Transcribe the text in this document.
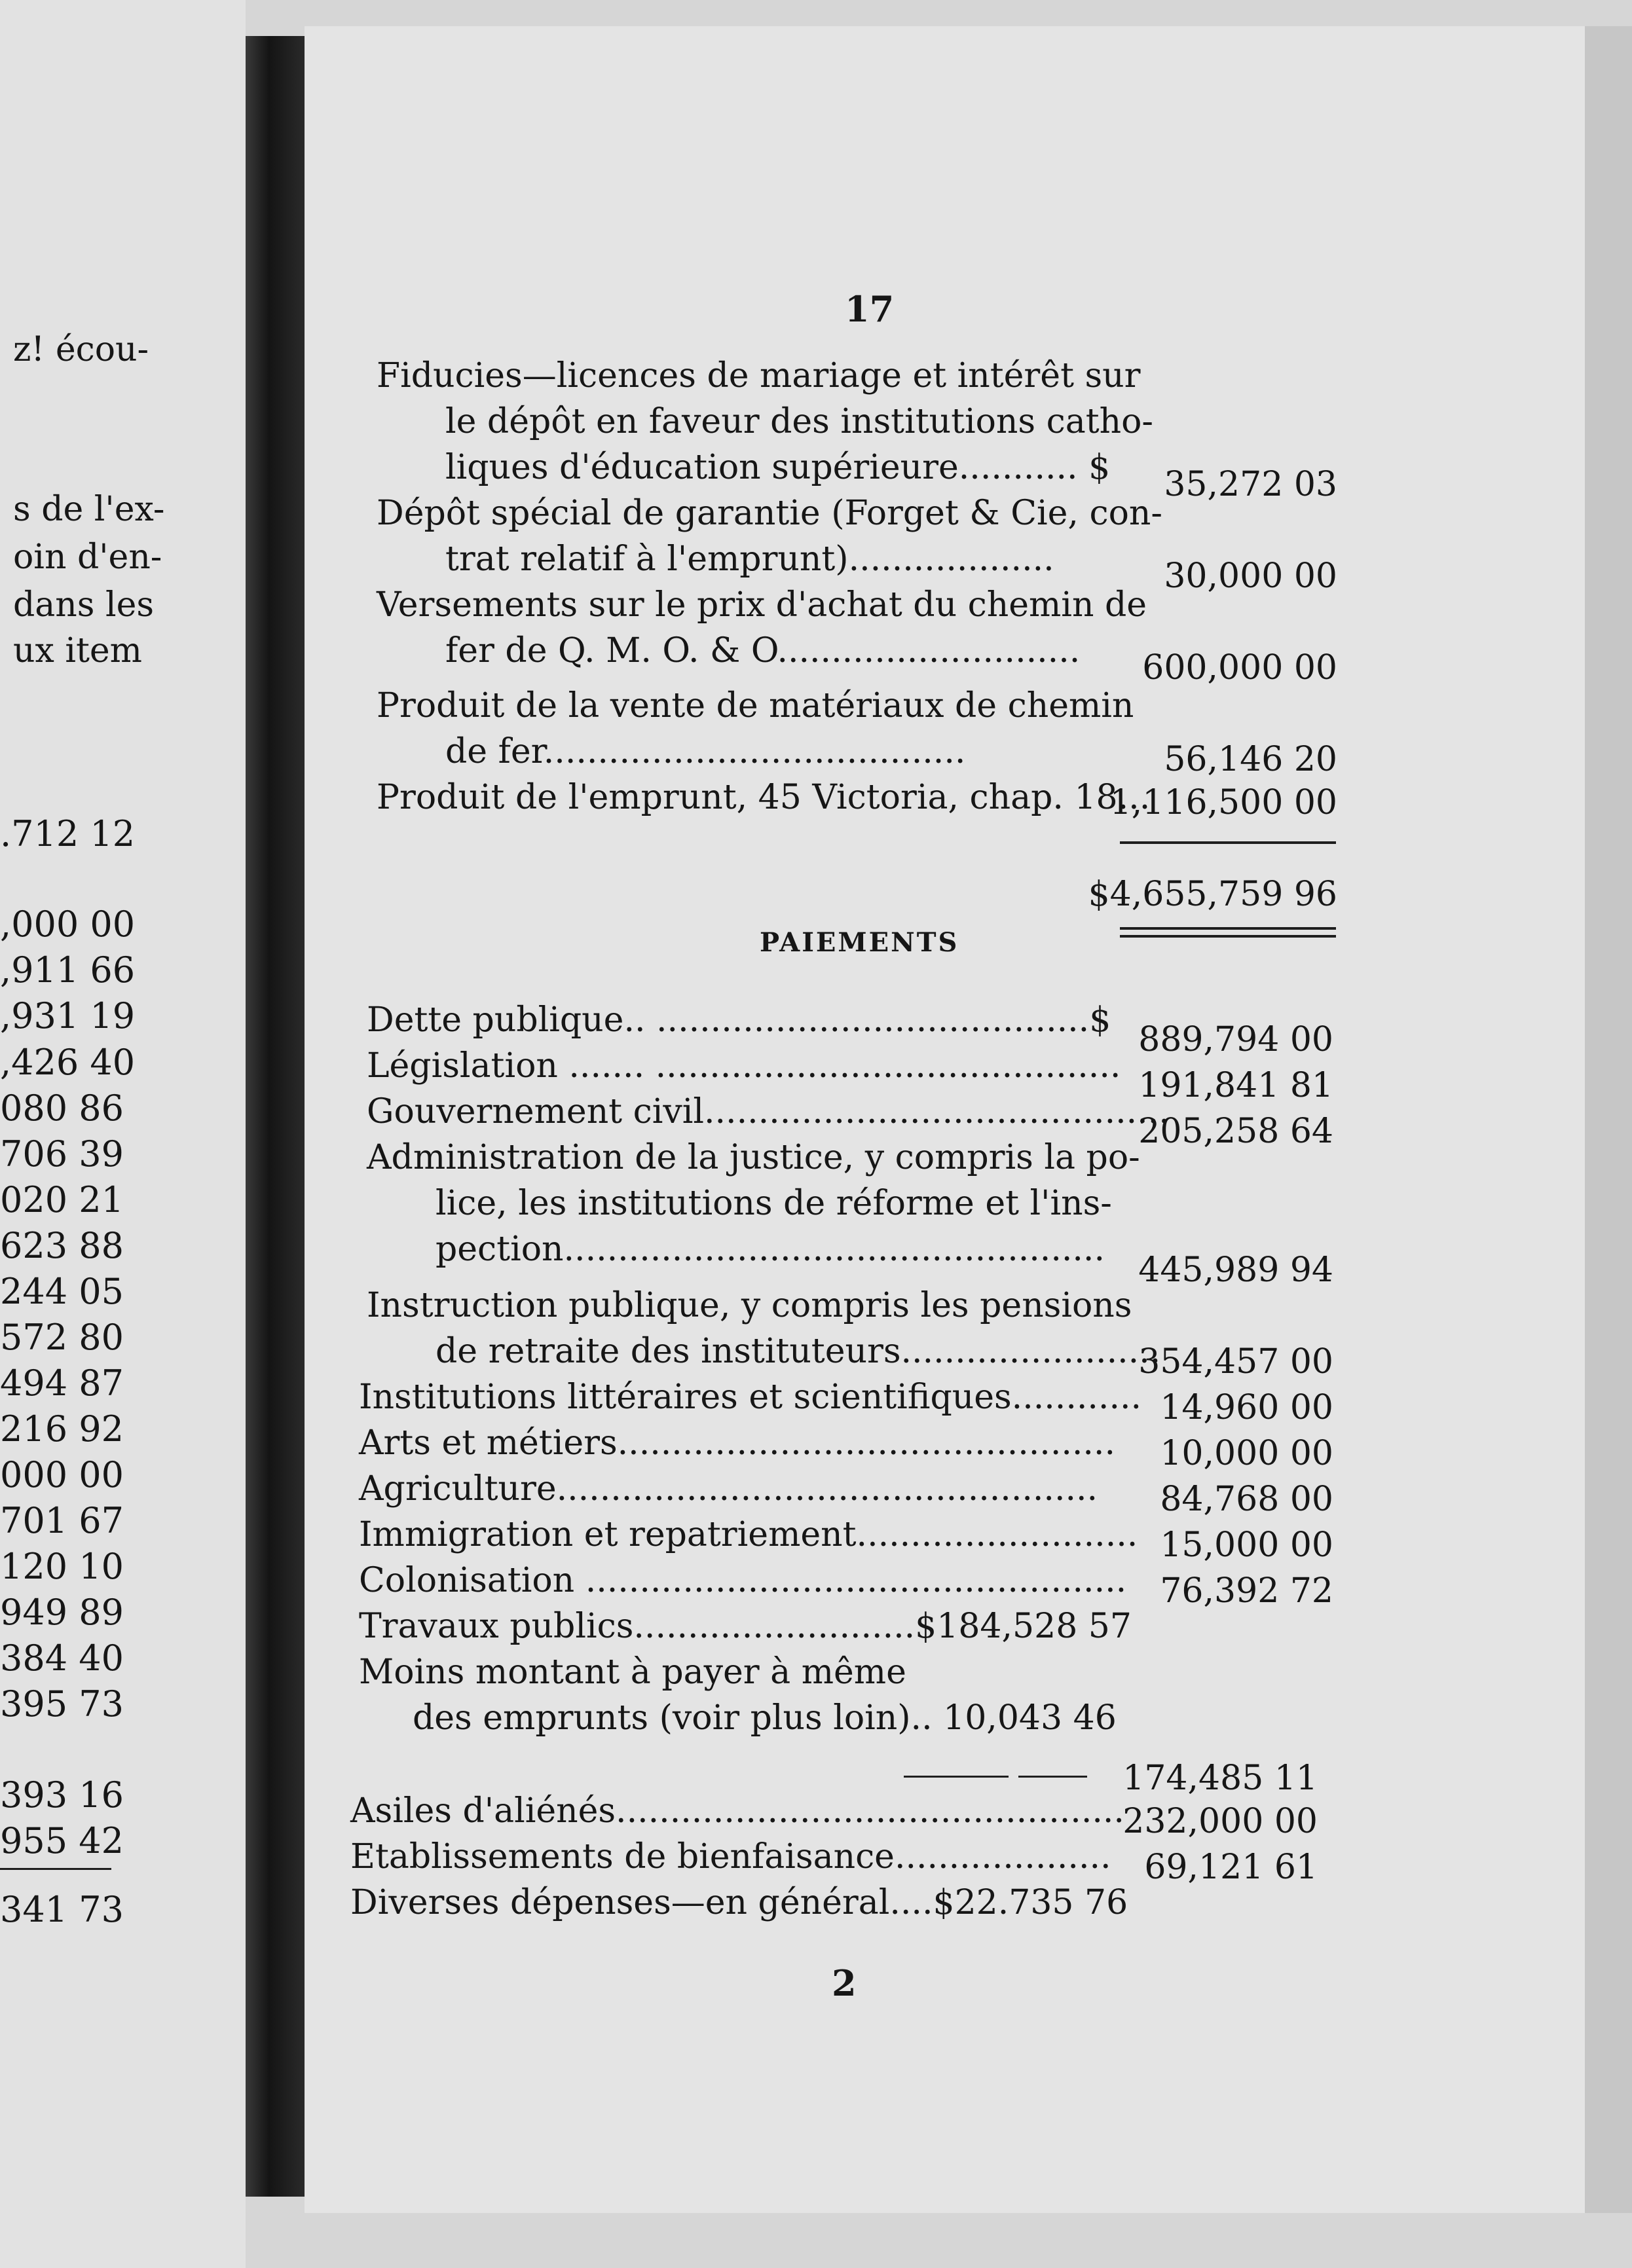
z! écou-
s de l'ex-
oin d'en-
dans les
ux item
.712 12
,000 00
,911 66
,931 19
,426 40
080 86
706 39
020 21
623 88
244 05
572 80
494 87
216 92
000 00
701 67
120 10
949 89
384 40
395 73
393 16
955 42
341 73
17
Fiducies—licences de mariage et intérêt sur
le dépôt en faveur des institutions catho-
liques d'éducation supérieure........... $ 35,272 03
Dépôt spécial de garantie (Forget & Cie, con-
trat relatif à l'emprunt)...................	30,000 00
Versements sur le prix d'achat du chemin de
fer de Q. M. O. & O............................ 600,000 00
Produit de la vente de matériaux de chemin
de fer.......................................	56,146 20
Produit de l'emprunt, 45 Victoria, chap. 18...
1,116,500 00
$4,655,759 96
PAIEMENTS
Dette publique.. ........................................$ 889,794 00
Législation ....... ........................................... 191,841 81
Gouvernement civil...........................................
205,258 64
Administration de la justice, y compris la po-
lice, les institutions de réforme et l'ins-
pection..................................................
445,989 94
Instruction publique, y compris les pensions
de retraite des instituteurs........................
354,457 00
Institutions littéraires et scientifiques............ 14,960 00
Arts et métiers.............................................. 10,000 00
Agriculture.................................................. 84,768 00
Immigration et repatriement.......................... 15,000 00
Colonisation .................................................. 76,392 72
Travaux publics..........................$184,528 57
Moins montant à payer à même
des emprunts (voir plus loin).. 10,043 46
174,485 11
Asiles d'aliénés...............................................
232,000 00
Etablissements de bienfaisance.................... 69,121 61
Diverses dépenses—en général....$22.735 76
2
